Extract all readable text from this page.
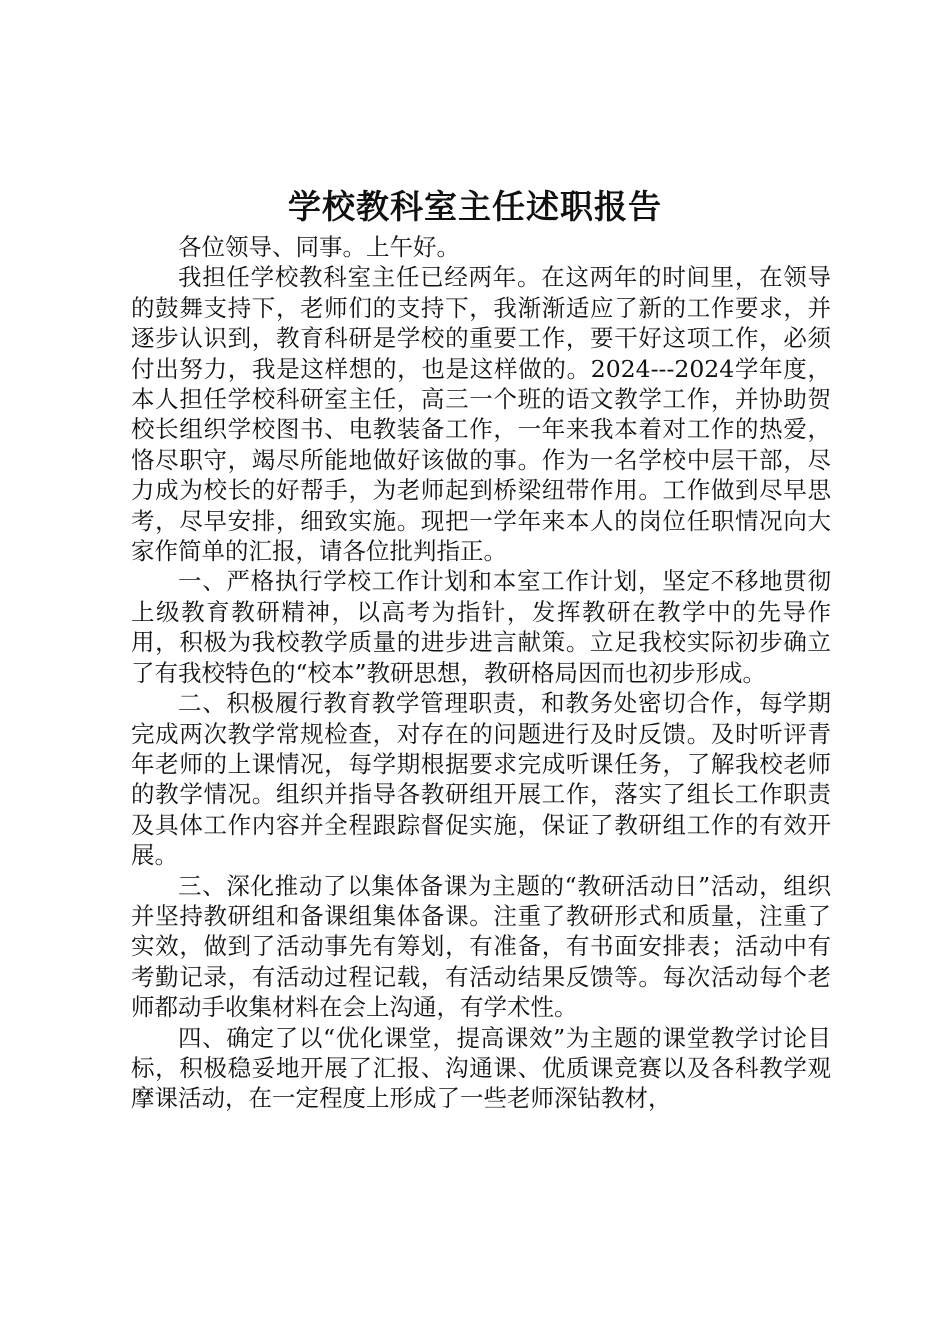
学校教科室主任述职报告

各位领导、同事。上午好。

我担任学校教科室主任已经两年。在这两年的时间里，在领导的鼓舞支持下，老师们的支持下，我渐渐适应了新的工作要求，并逐步认识到，教育科研是学校的重要工作，要干好这项工作，必须付出努力，我是这样想的，也是这样做的。2024---2024学年度，本人担任学校科研室主任，高三一个班的语文教学工作，并协助贺校长组织学校图书、电教装备工作，一年来我本着对工作的热爱，恪尽职守，竭尽所能地做好该做的事。作为一名学校中层干部，尽力成为校长的好帮手，为老师起到桥梁纽带作用。工作做到尽早思考，尽早安排，细致实施。现把一学年来本人的岗位任职情况向大家作简单的汇报，请各位批判指正。

一、严格执行学校工作计划和本室工作计划，坚定不移地贯彻上级教育教研精神，以高考为指针，发挥教研在教学中的先导作用，积极为我校教学质量的进步进言献策。立足我校实际初步确立了有我校特色的“校本”教研思想，教研格局因而也初步形成。

二、积极履行教育教学管理职责，和教务处密切合作，每学期完成两次教学常规检查，对存在的问题进行及时反馈。及时听评青年老师的上课情况，每学期根据要求完成听课任务，了解我校老师的教学情况。组织并指导各教研组开展工作，落实了组长工作职责及具体工作内容并全程跟踪督促实施，保证了教研组工作的有效开展。

三、深化推动了以集体备课为主题的“教研活动日”活动，组织并坚持教研组和备课组集体备课。注重了教研形式和质量，注重了实效，做到了活动事先有筹划，有准备，有书面安排表；活动中有考勤记录，有活动过程记载，有活动结果反馈等。每次活动每个老师都动手收集材料在会上沟通，有学术性。

四、确定了以“优化课堂，提高课效”为主题的课堂教学讨论目标，积极稳妥地开展了汇报、沟通课、优质课竞赛以及各科教学观摩课活动，在一定程度上形成了一些老师深钻教材，
